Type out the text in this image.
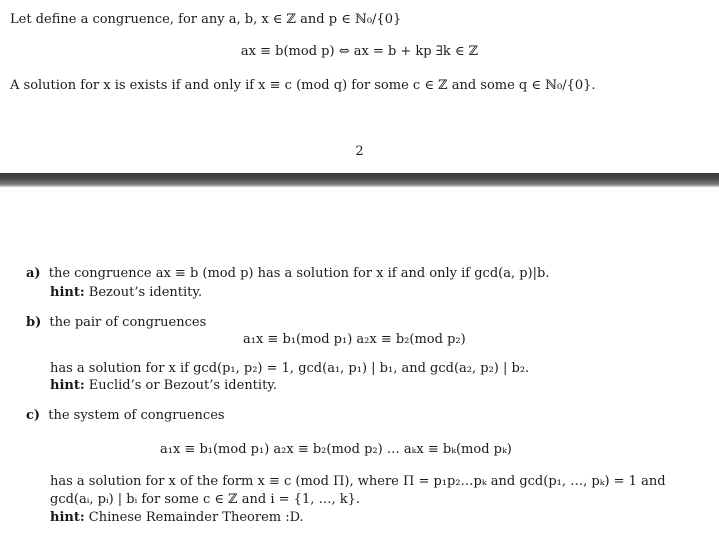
Let define a congruence, for any a, b, x ∈ ℤ and p ∈ ℕ₀/{0}
ax ≡ b(mod p) ⇔ ax = b + kp ∃k ∈ ℤ
A solution for x is exists if and only if x ≡ c (mod q) for some c ∈ ℤ and some q ∈ ℕ₀/{0}.
2
a) the congruence ax ≡ b (mod p) has a solution for x if and only if gcd(a, p)|b.
hint: Bezout’s identity.
b) the pair of congruences
a₁x ≡ b₁(mod p₁) a₂x ≡ b₂(mod p₂)
has a solution for x if gcd(p₁, p₂) = 1, gcd(a₁, p₁) | b₁, and gcd(a₂, p₂) | b₂.
hint: Euclid’s or Bezout’s identity.
c) the system of congruences
a₁x ≡ b₁(mod p₁) a₂x ≡ b₂(mod p₂) … aₖx ≡ bₖ(mod pₖ)
has a solution for x of the form x ≡ c (mod Π), where Π = p₁p₂…pₖ and gcd(p₁, …, pₖ) = 1 and
gcd(aᵢ, pᵢ) | bᵢ for some c ∈ ℤ and i = {1, …, k}.
hint: Chinese Remainder Theorem :D.
